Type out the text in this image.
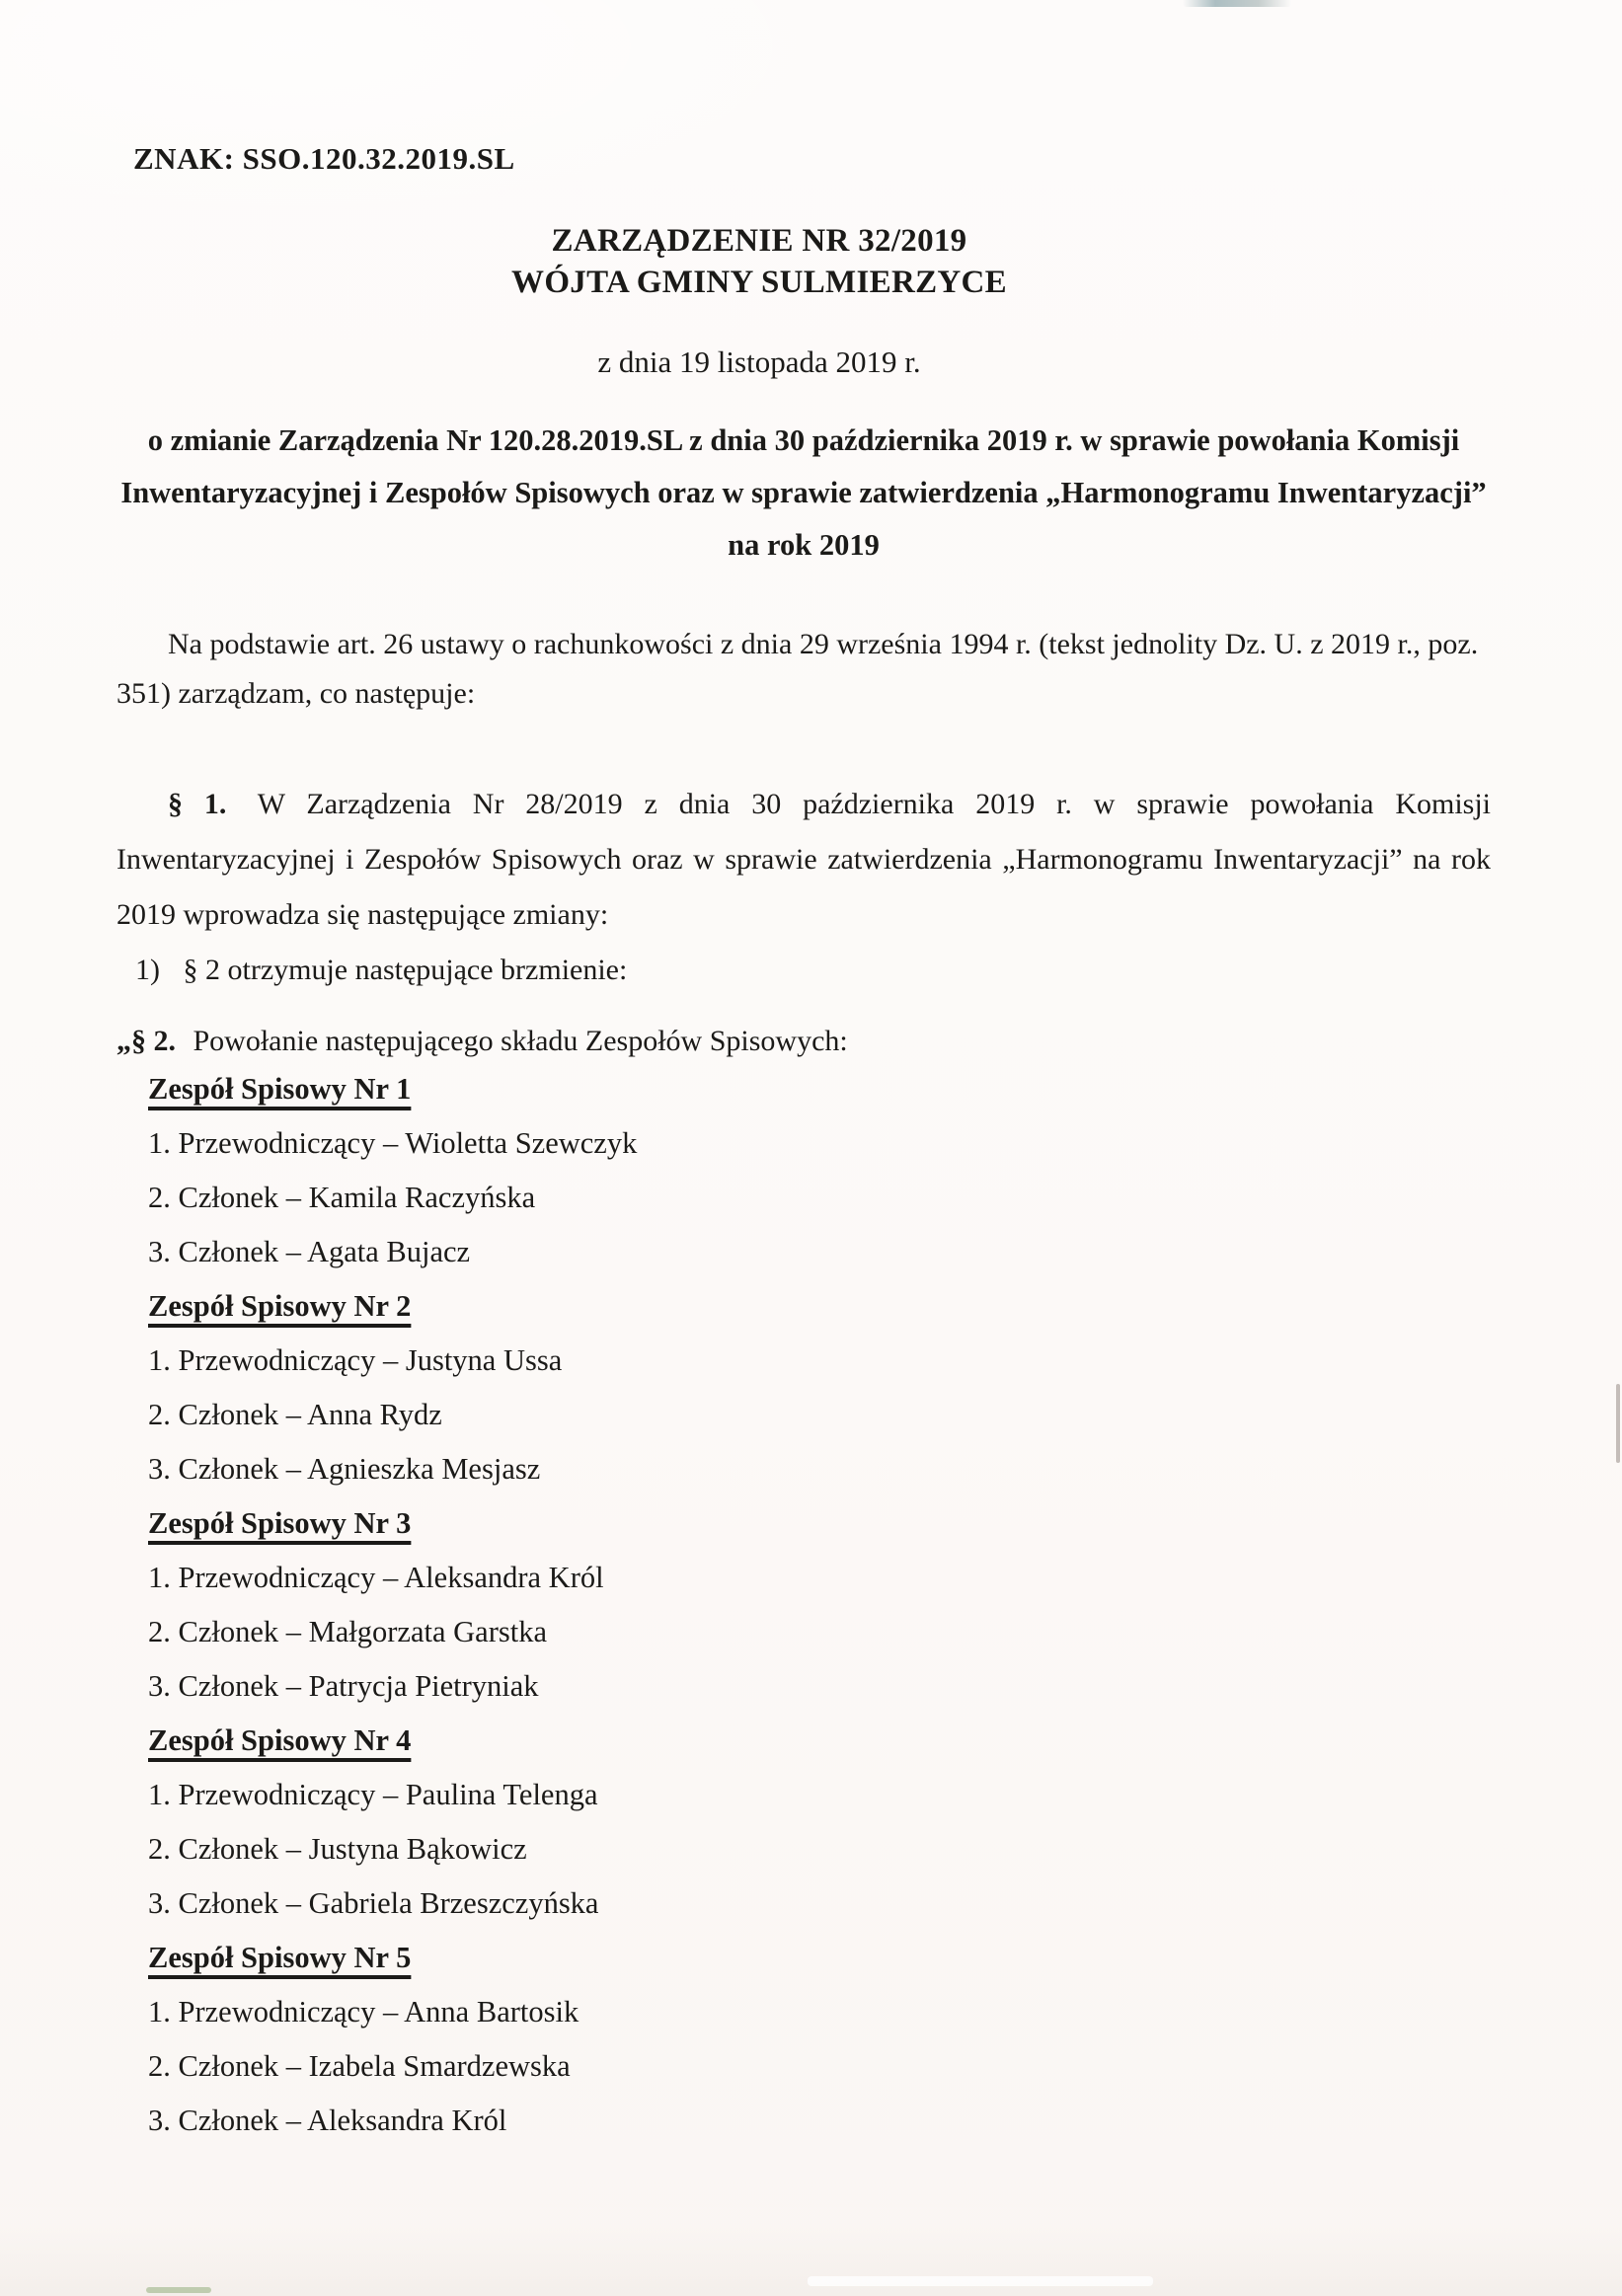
ZNAK: SSO.120.32.2019.SL
ZARZĄDZENIE NR 32/2019
WÓJTA GMINY SULMIERZYCE
z dnia 19 listopada 2019 r.
o zmianie Zarządzenia Nr 120.28.2019.SL z dnia 30 października 2019 r. w sprawie powołania Komisji Inwentaryzacyjnej i Zespołów Spisowych oraz w sprawie zatwierdzenia „Harmonogramu Inwentaryzacji” na rok 2019
Na podstawie art. 26 ustawy o rachunkowości z dnia 29 września 1994 r. (tekst jednolity Dz. U. z 2019 r., poz. 351) zarządzam, co następuje:

§ 1. W Zarządzenia Nr 28/2019 z dnia 30 października 2019 r. w sprawie powołania Komisji Inwentaryzacyjnej i Zespołów Spisowych oraz w sprawie zatwierdzenia „Harmonogramu Inwentaryzacji” na rok 2019 wprowadza się następujące zmiany:

1) § 2 otrzymuje następujące brzmienie:
„§ 2. Powołanie następującego składu Zespołów Spisowych:
Zespół Spisowy Nr 1
1. Przewodniczący – Wioletta Szewczyk
2. Członek – Kamila Raczyńska
3. Członek – Agata Bujacz
Zespół Spisowy Nr 2
1. Przewodniczący – Justyna Ussa
2. Członek – Anna Rydz
3. Członek – Agnieszka Mesjasz
Zespół Spisowy Nr 3
1. Przewodniczący – Aleksandra Król
2. Członek – Małgorzata Garstka
3. Członek – Patrycja Pietryniak
Zespół Spisowy Nr 4
1. Przewodniczący – Paulina Telenga
2. Członek – Justyna Bąkowicz
3. Członek – Gabriela Brzeszczyńska
Zespół Spisowy Nr 5
1. Przewodniczący – Anna Bartosik
2. Członek – Izabela Smardzewska
3. Członek – Aleksandra Król
